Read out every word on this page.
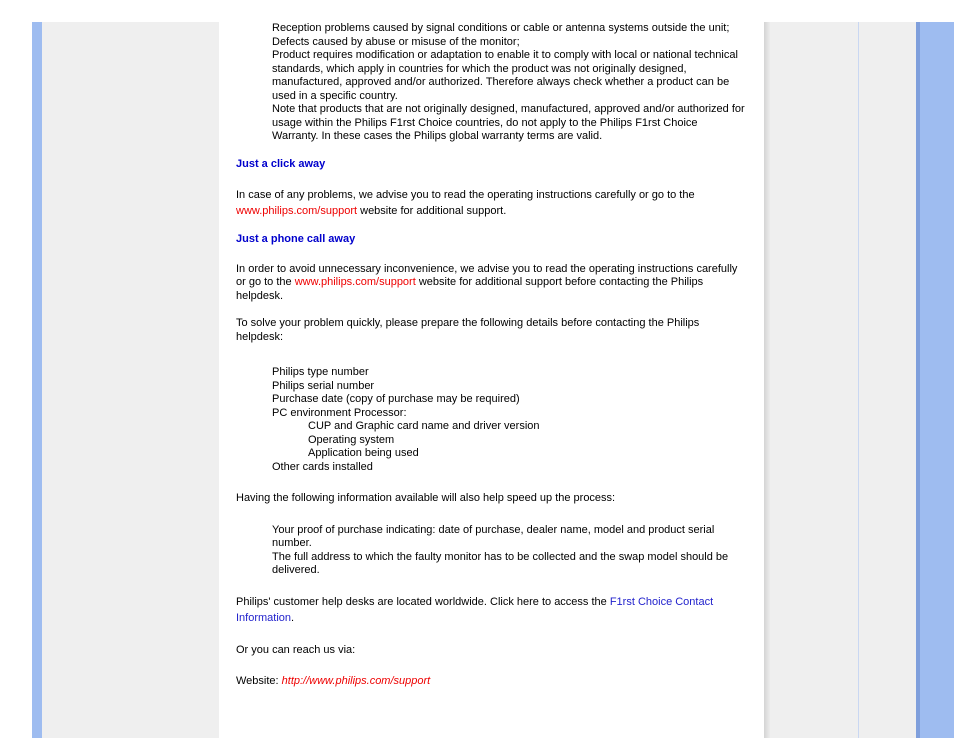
Reception problems caused by signal conditions or cable or antenna systems outside the unit;

Defects caused by abuse or misuse of the monitor;

Product requires modification or adaptation to enable it to comply with local or national technical standards, which apply in countries for which the product was not originally designed, manufactured, approved and/or authorized. Therefore always check whether a product can be used in a specific country.

Note that products that are not originally designed, manufactured, approved and/or authorized for usage within the Philips F1rst Choice countries, do not apply to the Philips F1rst Choice Warranty. In these cases the Philips global warranty terms are valid.

Just a click away

In case of any problems, we advise you to read the operating instructions carefully or go to the www.philips.com/support website for additional support.

Just a phone call away

In order to avoid unnecessary inconvenience, we advise you to read the operating instructions carefully or go to the www.philips.com/support website for additional support before contacting the Philips helpdesk.

To solve your problem quickly, please prepare the following details before contacting the Philips helpdesk:

Philips type number

Philips serial number

Purchase date (copy of purchase may be required)

PC environment Processor:

CUP and Graphic card name and driver version

Operating system

Application being used

Other cards installed

Having the following information available will also help speed up the process:

Your proof of purchase indicating: date of purchase, dealer name, model and product serial number.

The full address to which the faulty monitor has to be collected and the swap model should be delivered.

Philips' customer help desks are located worldwide. Click here to access the F1rst Choice Contact Information.

Or you can reach us via:

Website: http://www.philips.com/support
